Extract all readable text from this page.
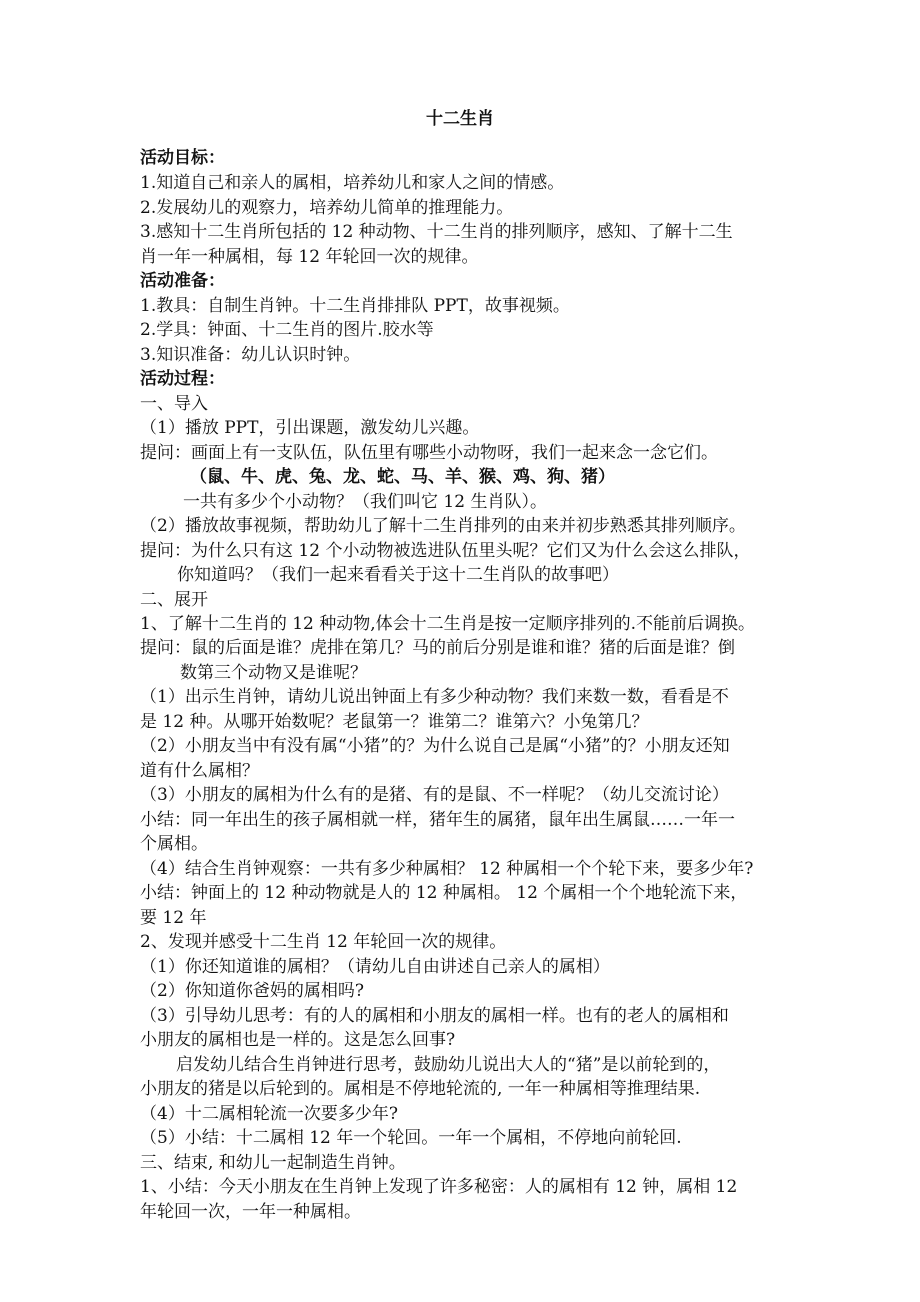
十二生肖
活动目标：
1.知道自己和亲人的属相，培养幼儿和家人之间的情感。
2.发展幼儿的观察力，培养幼儿简单的推理能力。
3.感知十二生肖所包括的 12 种动物、十二生肖的排列顺序，感知、了解十二生
肖一年一种属相，每 12 年轮回一次的规律。
活动准备：
1.教具：自制生肖钟。十二生肖排排队 PPT，故事视频。
2.学具：钟面、十二生肖的图片.胶水等
3.知识准备：幼儿认识时钟。
活动过程：
一、导入
（1）播放 PPT，引出课题，激发幼儿兴趣。
提问：画面上有一支队伍，队伍里有哪些小动物呀，我们一起来念一念它们。
（鼠、牛、虎、兔、龙、蛇、马、羊、猴、鸡、狗、猪）
一共有多少个小动物？（我们叫它 12 生肖队）。
（2）播放故事视频，帮助幼儿了解十二生肖排列的由来并初步熟悉其排列顺序。
提问：为什么只有这 12 个小动物被选进队伍里头呢？它们又为什么会这么排队，
你知道吗？（我们一起来看看关于这十二生肖队的故事吧）
二、展开
1、了解十二生肖的 12 种动物,体会十二生肖是按一定顺序排列的.不能前后调换。
提问：鼠的后面是谁？虎排在第几？马的前后分别是谁和谁？猪的后面是谁？倒
数第三个动物又是谁呢？
（1）出示生肖钟，请幼儿说出钟面上有多少种动物？我们来数一数，看看是不
是 12 种。从哪开始数呢？老鼠第一？谁第二？谁第六？小兔第几？
（2）小朋友当中有没有属“小猪”的？为什么说自己是属“小猪”的？小朋友还知
道有什么属相？
（3）小朋友的属相为什么有的是猪、有的是鼠、不一样呢？（幼儿交流讨论）
小结：同一年出生的孩子属相就一样，猪年生的属猪，鼠年出生属鼠……一年一
个属相。
（4）结合生肖钟观察：一共有多少种属相？ 12 种属相一个个轮下来，要多少年?
小结：钟面上的 12 种动物就是人的 12 种属相。 12 个属相一个个地轮流下来，
要 12 年
2、发现并感受十二生肖 12 年轮回一次的规律。
（1）你还知道谁的属相？（请幼儿自由讲述自己亲人的属相）
（2）你知道你爸妈的属相吗?
（3）引导幼儿思考：有的人的属相和小朋友的属相一样。也有的老人的属相和
小朋友的属相也是一样的。这是怎么回事?
启发幼儿结合生肖钟进行思考，鼓励幼儿说出大人的“猪”是以前轮到的，
小朋友的猪是以后轮到的。属相是不停地轮流的, 一年一种属相等推理结果.
（4）十二属相轮流一次要多少年?
（5）小结：十二属相 12 年一个轮回。一年一个属相，不停地向前轮回.
三、结束, 和幼儿一起制造生肖钟。
1、小结：今天小朋友在生肖钟上发现了许多秘密：人的属相有 12 钟，属相 12
年轮回一次，一年一种属相。
